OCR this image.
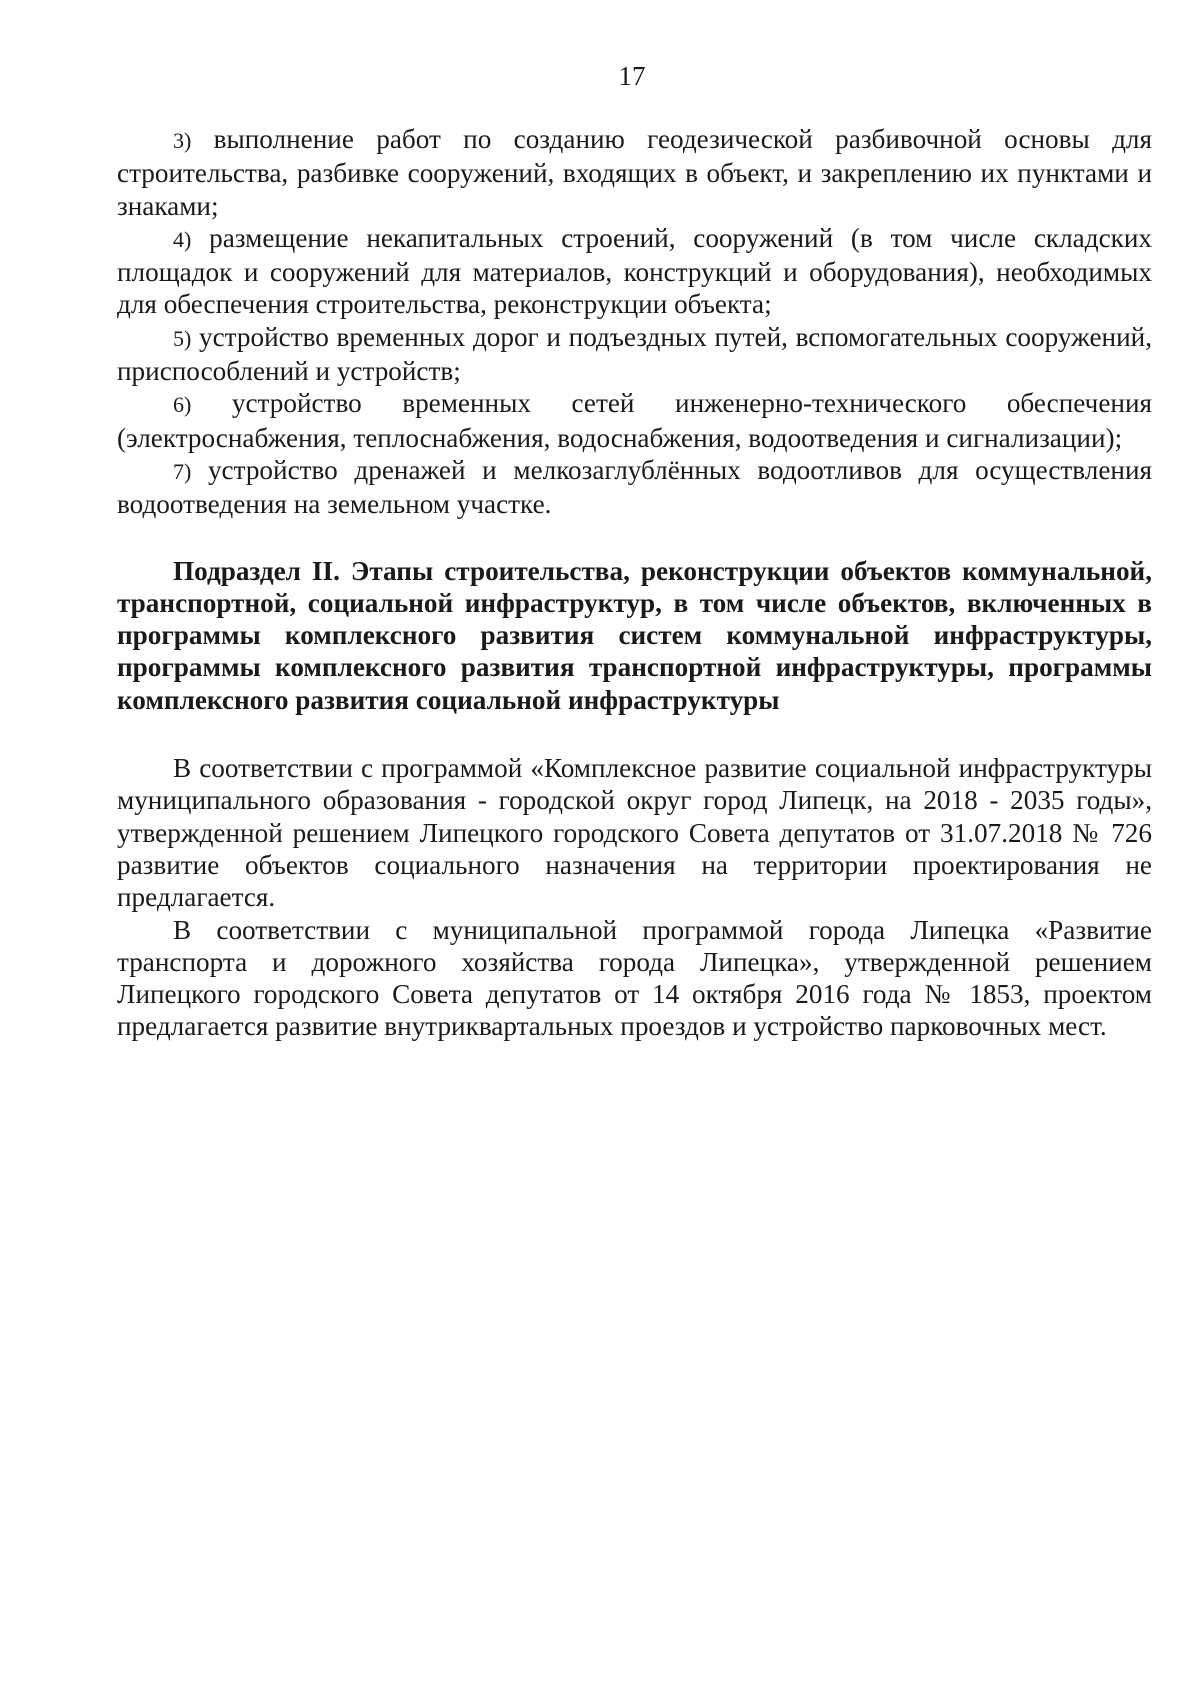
17

3) выполнение работ по созданию геодезической разбивочной основы для строительства, разбивке сооружений, входящих в объект, и закреплению их пунктами и знаками;

4) размещение некапитальных строений, сооружений (в том числе складских площадок и сооружений для материалов, конструкций и оборудования), необходимых для обеспечения строительства, реконструкции объекта;

5) устройство временных дорог и подъездных путей, вспомогательных сооружений, приспособлений и устройств;

6) устройство временных сетей инженерно-технического обеспечения (электроснабжения, теплоснабжения, водоснабжения, водоотведения и сигнализации);

7) устройство дренажей и мелкозаглублённых водоотливов для осуществления водоотведения на земельном участке.

Подраздел II. Этапы строительства, реконструкции объектов коммунальной, транспортной, социальной инфраструктур, в том числе объектов, включенных в программы комплексного развития систем коммунальной инфраструктуры, программы комплексного развития транспортной инфраструктуры, программы комплексного развития социальной инфраструктуры

В соответствии с программой «Комплексное развитие социальной инфраструктуры муниципального образования - городской округ город Липецк, на 2018 - 2035 годы», утвержденной решением Липецкого городского Совета депутатов от 31.07.2018 № 726 развитие объектов социального назначения на территории проектирования не предлагается.

В соответствии с муниципальной программой города Липецка «Развитие транспорта и дорожного хозяйства города Липецка», утвержденной решением Липецкого городского Совета депутатов от 14 октября 2016 года № 1853, проектом предлагается развитие внутриквартальных проездов и устройство парковочных мест.
